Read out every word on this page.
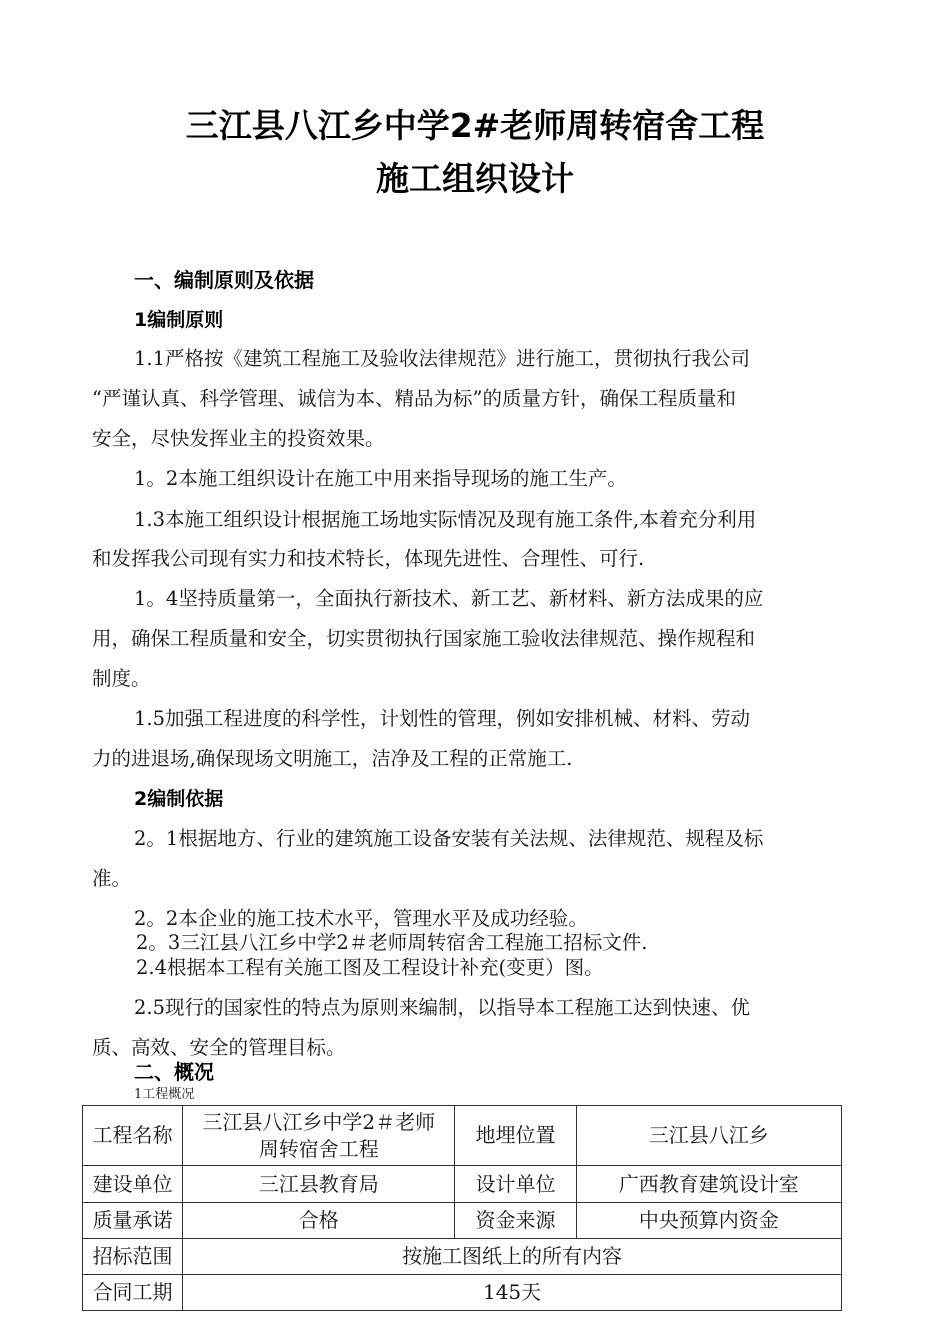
三江县八江乡中学2#老师周转宿舍工程
施工组织设计
一、编制原则及依据
1编制原则
1.1严格按《建筑工程施工及验收法律规范》进行施工，贯彻执行我公司
“严谨认真、科学管理、诚信为本、精品为标”的质量方针，确保工程质量和
安全，尽快发挥业主的投资效果。
1。2本施工组织设计在施工中用来指导现场的施工生产。
1.3本施工组织设计根据施工场地实际情况及现有施工条件,本着充分利用
和发挥我公司现有实力和技术特长，体现先进性、合理性、可行.
1。4坚持质量第一，全面执行新技术、新工艺、新材料、新方法成果的应
用，确保工程质量和安全，切实贯彻执行国家施工验收法律规范、操作规程和
制度。
1.5加强工程进度的科学性，计划性的管理，例如安排机械、材料、劳动
力的进退场,确保现场文明施工，洁净及工程的正常施工.
2编制依据
2。1根据地方、行业的建筑施工设备安装有关法规、法律规范、规程及标
准。
2。2本企业的施工技术水平，管理水平及成功经验。
2。3三江县八江乡中学2＃老师周转宿舍工程施工招标文件.
2.4根据本工程有关施工图及工程设计补充(变更）图。
2.5现行的国家性的特点为原则来编制，以指导本工程施工达到快速、优
质、高效、安全的管理目标。
二、概况
1工程概况
工程名称	三江县八江乡中学2＃老师
周转宿舍工程	地埋位置	三江县八江乡
建设单位	三江县教育局	设计单位	广西教育建筑设计室
质量承诺	合格	资金来源	中央预算内资金
招标范围	按施工图纸上的所有内容		
合同工期	145天		
